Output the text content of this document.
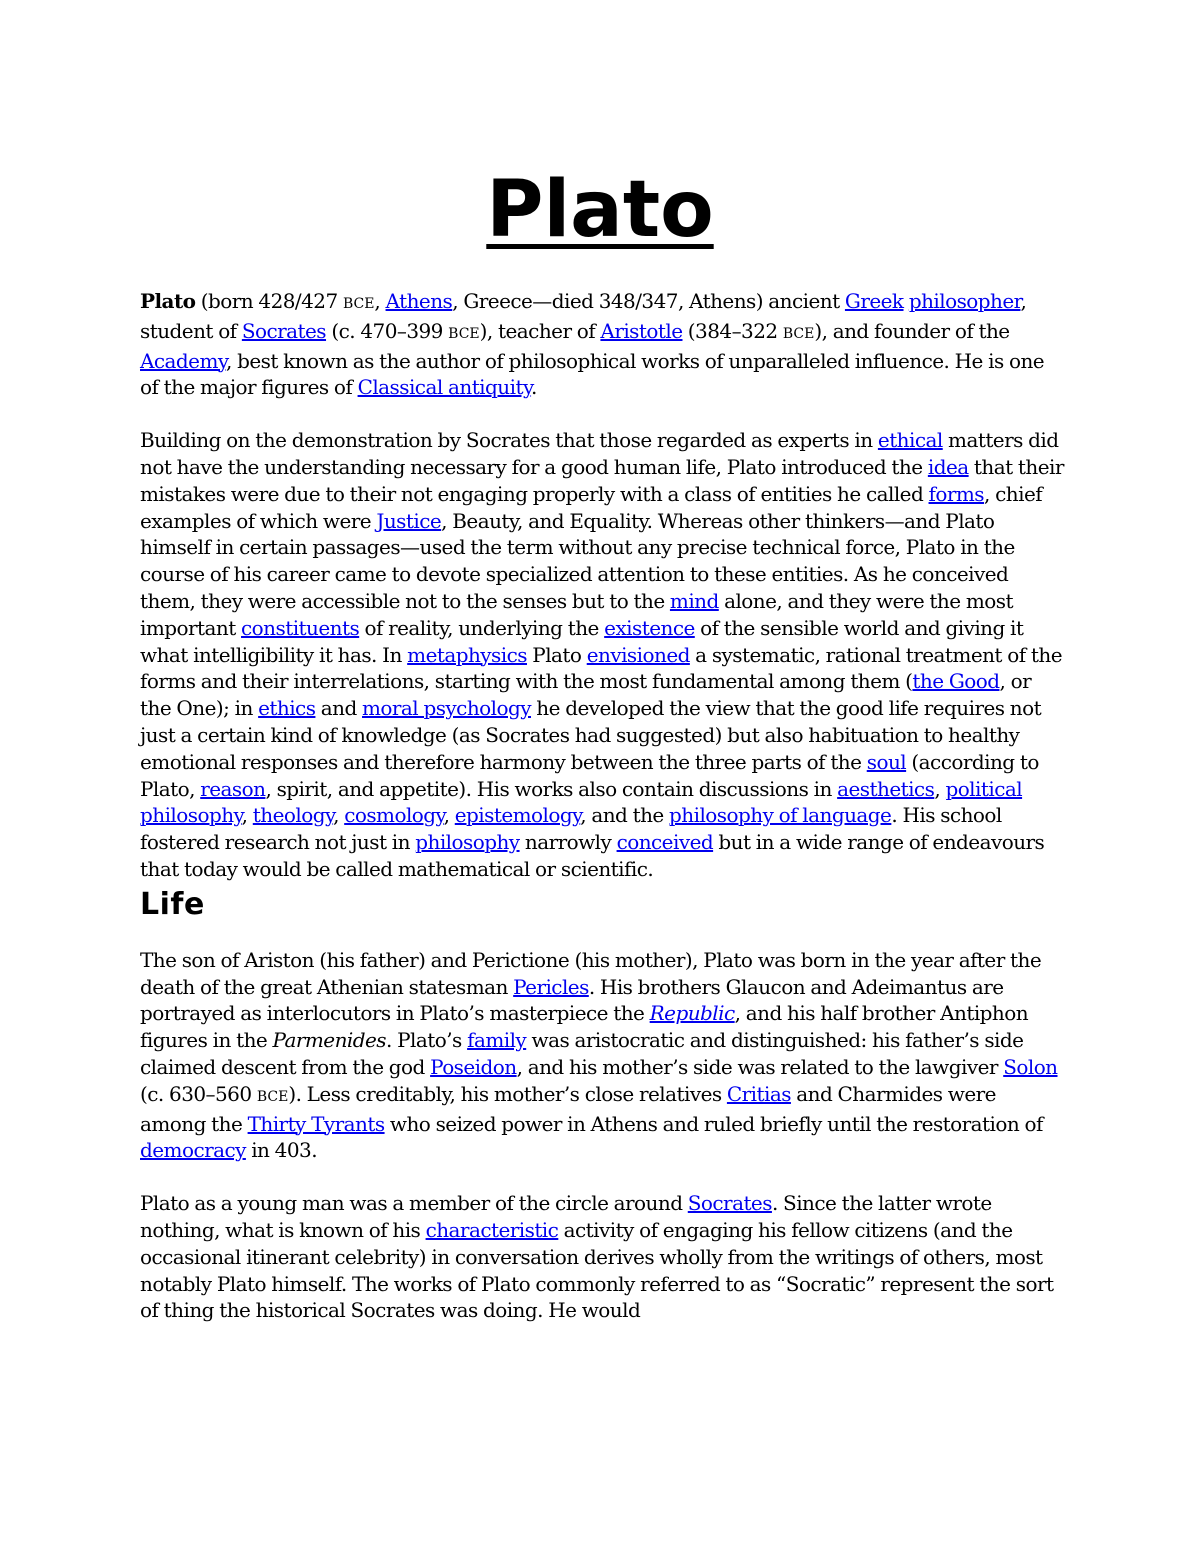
Plato

Plato (born 428/427 BCE, Athens, Greece—died 348/347, Athens) ancient Greek philosopher, student of Socrates (c. 470–399 BCE), teacher of Aristotle (384–322 BCE), and founder of the Academy, best known as the author of philosophical works of unparalleled influence. He is one of the major figures of Classical antiquity.

Building on the demonstration by Socrates that those regarded as experts in ethical matters did not have the understanding necessary for a good human life, Plato introduced the idea that their mistakes were due to their not engaging properly with a class of entities he called forms, chief examples of which were Justice, Beauty, and Equality. Whereas other thinkers—and Plato himself in certain passages—used the term without any precise technical force, Plato in the course of his career came to devote specialized attention to these entities. As he conceived them, they were accessible not to the senses but to the mind alone, and they were the most important constituents of reality, underlying the existence of the sensible world and giving it what intelligibility it has. In metaphysics Plato envisioned a systematic, rational treatment of the forms and their interrelations, starting with the most fundamental among them (the Good, or the One); in ethics and moral psychology he developed the view that the good life requires not just a certain kind of knowledge (as Socrates had suggested) but also habituation to healthy emotional responses and therefore harmony between the three parts of the soul (according to Plato, reason, spirit, and appetite). His works also contain discussions in aesthetics, political philosophy, theology, cosmology, epistemology, and the philosophy of language. His school fostered research not just in philosophy narrowly conceived but in a wide range of endeavours that today would be called mathematical or scientific.

Life

The son of Ariston (his father) and Perictione (his mother), Plato was born in the year after the death of the great Athenian statesman Pericles. His brothers Glaucon and Adeimantus are portrayed as interlocutors in Plato’s masterpiece the Republic, and his half brother Antiphon figures in the Parmenides. Plato’s family was aristocratic and distinguished: his father’s side claimed descent from the god Poseidon, and his mother’s side was related to the lawgiver Solon (c. 630–560 BCE). Less creditably, his mother’s close relatives Critias and Charmides were among the Thirty Tyrants who seized power in Athens and ruled briefly until the restoration of democracy in 403.

Plato as a young man was a member of the circle around Socrates. Since the latter wrote nothing, what is known of his characteristic activity of engaging his fellow citizens (and the occasional itinerant celebrity) in conversation derives wholly from the writings of others, most notably Plato himself. The works of Plato commonly referred to as “Socratic” represent the sort of thing the historical Socrates was doing. He would
